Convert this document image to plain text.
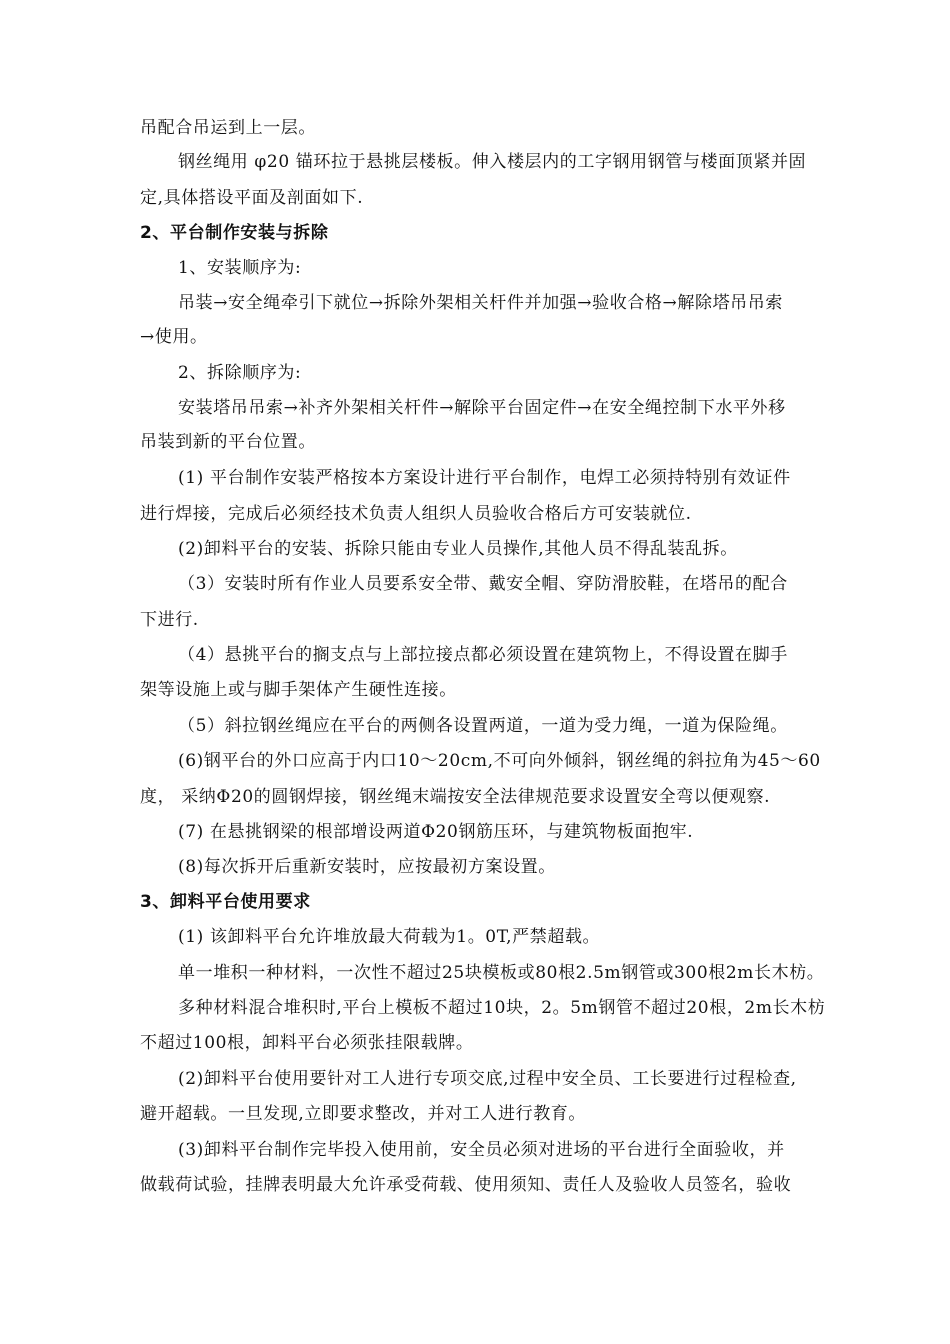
吊配合吊运到上一层。
钢丝绳用 φ20 锚环拉于悬挑层楼板。伸入楼层内的工字钢用钢管与楼面顶紧并固
定,具体搭设平面及剖面如下.
2、平台制作安装与拆除
1、安装顺序为:
吊装→安全绳牵引下就位→拆除外架相关杆件并加强→验收合格→解除塔吊吊索
→使用。
2、拆除顺序为:
安装塔吊吊索→补齐外架相关杆件→解除平台固定件→在安全绳控制下水平外移
吊装到新的平台位置。
(1) 平台制作安装严格按本方案设计进行平台制作，电焊工必须持特别有效证件
进行焊接，完成后必须经技术负责人组织人员验收合格后方可安装就位.
(2)卸料平台的安装、拆除只能由专业人员操作,其他人员不得乱装乱拆。
（3）安装时所有作业人员要系安全带、戴安全帽、穿防滑胶鞋，在塔吊的配合
下进行.
（4）悬挑平台的搁支点与上部拉接点都必须设置在建筑物上，不得设置在脚手
架等设施上或与脚手架体产生硬性连接。
（5）斜拉钢丝绳应在平台的两侧各设置两道，一道为受力绳，一道为保险绳。
(6)钢平台的外口应高于内口10～20cm,不可向外倾斜，钢丝绳的斜拉角为45～60
度， 采纳Φ20的圆钢焊接，钢丝绳末端按安全法律规范要求设置安全弯以便观察.
(7) 在悬挑钢梁的根部增设两道Φ20钢筋压环，与建筑物板面抱牢.
(8)每次拆开后重新安装时，应按最初方案设置。
3、卸料平台使用要求
(1) 该卸料平台允许堆放最大荷载为1。0T,严禁超载。
单一堆积一种材料，一次性不超过25块模板或80根2.5m钢管或300根2m长木枋。
多种材料混合堆积时,平台上模板不超过10块，2。5m钢管不超过20根，2m长木枋
不超过100根，卸料平台必须张挂限载牌。
(2)卸料平台使用要针对工人进行专项交底,过程中安全员、工长要进行过程检查,
避开超载。一旦发现,立即要求整改，并对工人进行教育。
(3)卸料平台制作完毕投入使用前，安全员必须对进场的平台进行全面验收，并
做载荷试验，挂牌表明最大允许承受荷载、使用须知、责任人及验收人员签名，验收
